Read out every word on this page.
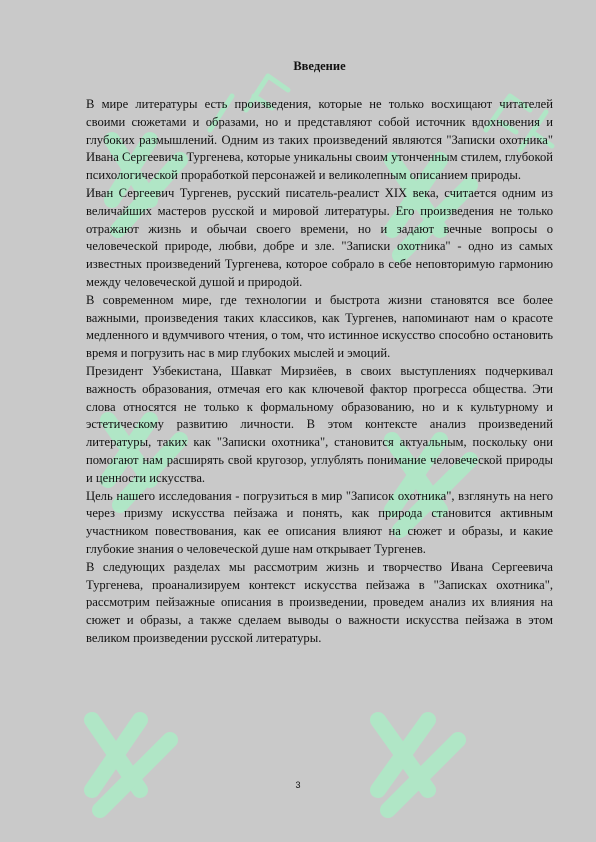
Введение

В мире литературы есть произведения, которые не только восхищают читателей своими сюжетами и образами, но и представляют собой источник вдохновения и глубоких размышлений. Одним из таких произведений являются "Записки охотника" Ивана Сергеевича Тургенева, которые уникальны своим утонченным стилем, глубокой психологической проработкой персонажей и великолепным описанием природы.

Иван Сергеевич Тургенев, русский писатель-реалист XIX века, считается одним из величайших мастеров русской и мировой литературы. Его произведения не только отражают жизнь и обычаи своего времени, но и задают вечные вопросы о человеческой природе, любви, добре и зле. "Записки охотника" - одно из самых известных произведений Тургенева, которое собрало в себе неповторимую гармонию между человеческой душой и природой.

В современном мире, где технологии и быстрота жизни становятся все более важными, произведения таких классиков, как Тургенев, напоминают нам о красоте медленного и вдумчивого чтения, о том, что истинное искусство способно остановить время и погрузить нас в мир глубоких мыслей и эмоций.

Президент Узбекистана, Шавкат Мирзиёев, в своих выступлениях подчеркивал важность образования, отмечая его как ключевой фактор прогресса общества. Эти слова относятся не только к формальному образованию, но и к культурному и эстетическому развитию личности. В этом контексте анализ произведений литературы, таких как "Записки охотника", становится актуальным, поскольку они помогают нам расширять свой кругозор, углублять понимание человеческой природы и ценности искусства.

Цель нашего исследования - погрузиться в мир "Записок охотника", взглянуть на него через призму искусства пейзажа и понять, как природа становится активным участником повествования, как ее описания влияют на сюжет и образы, и какие глубокие знания о человеческой душе нам открывает Тургенев.

В следующих разделах мы рассмотрим жизнь и творчество Ивана Сергеевича Тургенева, проанализируем контекст искусства пейзажа в "Записках охотника", рассмотрим пейзажные описания в произведении, проведем анализ их влияния на сюжет и образы, а также сделаем выводы о важности искусства пейзажа в этом великом произведении русской литературы.

3
